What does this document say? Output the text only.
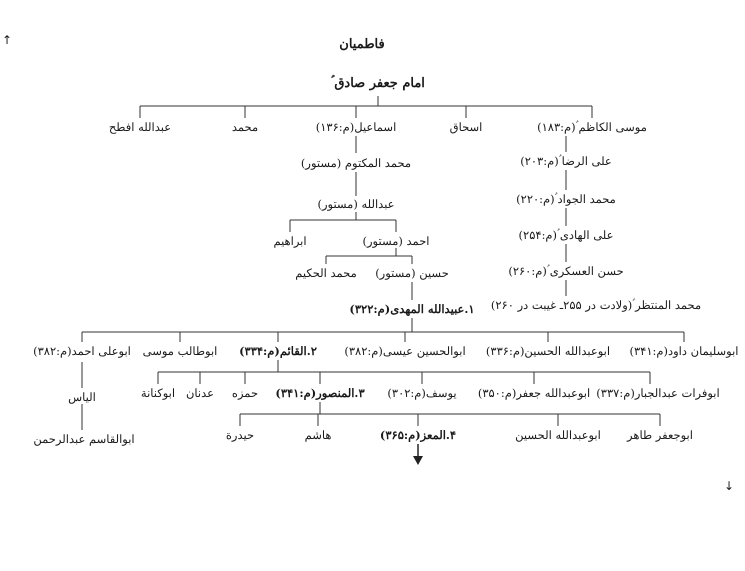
فاطمیان
امام جعفر صادق ؑ
موسی الکاظم ؑ(م:۱۸۳)
اسحاق
اسماعیل(م:۱۳۶)
محمد
عبدالله افطح
علی الرضا ؑ(م:۲۰۳)
محمد الجواد ؑ(م:۲۲۰)
علی الهادی ؑ(م:۲۵۴)
حسن العسکری ؑ(م:۲۶۰)
محمد المنتظر ؑ(ولادت در ۲۵۵ـ غیبت در ۲۶۰)
محمد المکتوم (مستور)
عبدالله (مستور)
احمد (مستور)
ابراهیم
حسین (مستور)
محمد الحکیم
۱.عبیدالله المهدی(م:۳۲۲)
ابوسلیمان داود(م:۳۴۱)
ابوعبدالله الحسین(م:۳۳۶)
ابوالحسین عیسی(م:۳۸۲)
۲.القائم(م:۳۳۴)
ابوطالب موسی
ابوعلی احمد(م:۳۸۲)
ابوفرات عبدالجبار(م:۳۳۷)
ابوعبدالله جعفر(م:۳۵۰)
یوسف(م:۳۰۲)
۳.المنصور(م:۳۴۱)
حمزه
عدنان
ابوکنانة
الیاس
ابوالقاسم عبدالرحمن	ابوجعفر طاهر
ابوعبدالله الحسین
۴.المعز(م:۳۶۵)
هاشم
حیدرة
↑
↓
